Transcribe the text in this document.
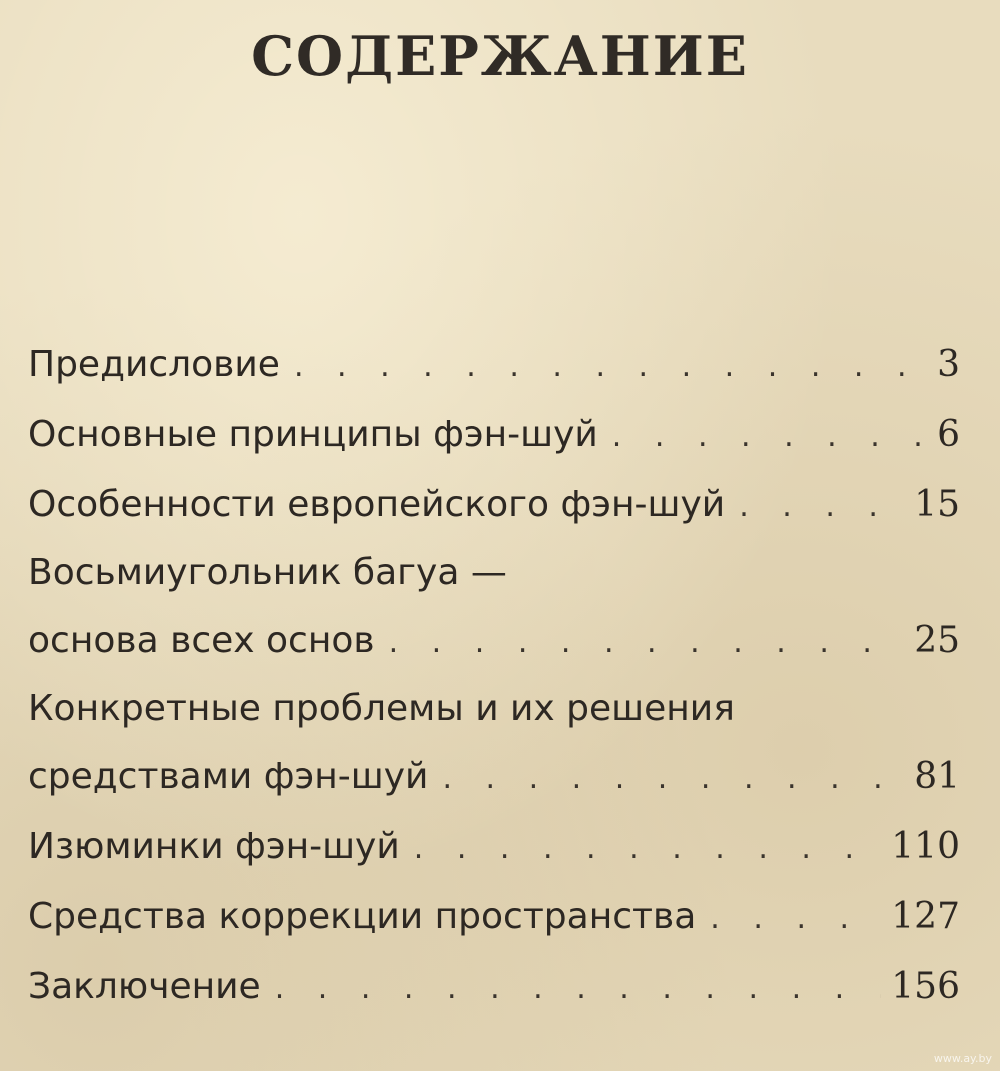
СОДЕРЖАНИЕ
Предисловие . . .	3
Основные принципы фэн-шуй . . .	6
Особенности европейского фэн-шуй . . .	15
Восьмиугольник багуа —
основа всех основ . . .	25
Конкретные проблемы и их решения
средствами фэн-шуй . . .	81
Изюминки фэн-шуй . . .	110
Средства коррекции пространства . . .	127
Заключение . . .	156
www.ay.by
